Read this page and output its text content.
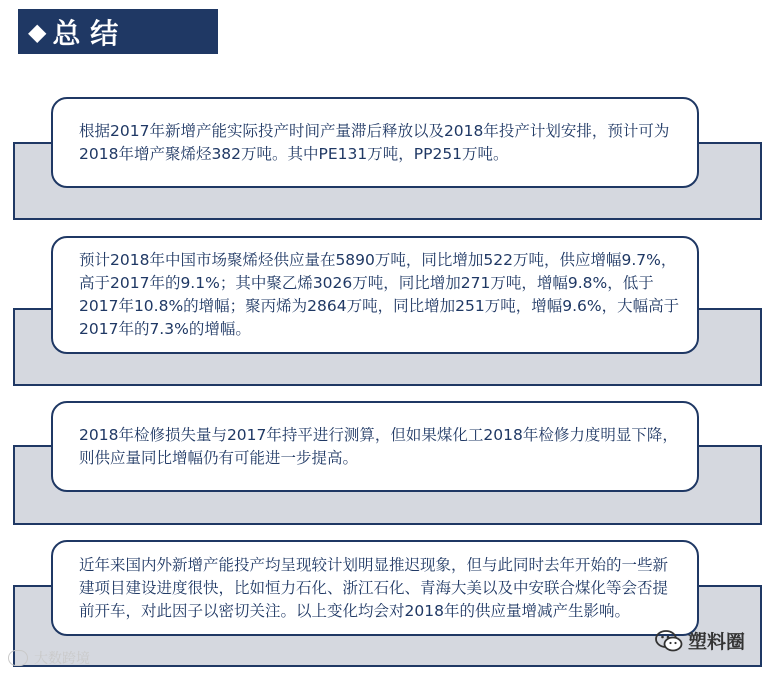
◆ 总 结

根据2017年新增产能实际投产时间产量滞后释放以及2018年投产计划安排，预计可为2018年增产聚烯烃382万吨。其中PE131万吨，PP251万吨。

预计2018年中国市场聚烯烃供应量在5890万吨，同比增加522万吨，供应增幅9.7%，高于2017年的9.1%；其中聚乙烯3026万吨，同比增加271万吨，增幅9.8%，低于2017年10.8%的增幅；聚丙烯为2864万吨，同比增加251万吨，增幅9.6%，大幅高于2017年的7.3%的增幅。

2018年检修损失量与2017年持平进行测算，但如果煤化工2018年检修力度明显下降，则供应量同比增幅仍有可能进一步提高。

近年来国内外新增产能投产均呈现较计划明显推迟现象，但与此同时去年开始的一些新建项目建设进度很快，比如恒力石化、浙江石化、青海大美以及中安联合煤化等会否提前开车，对此因子以密切关注。以上变化均会对2018年的供应量增减产生影响。

大数跨境
塑料圈
